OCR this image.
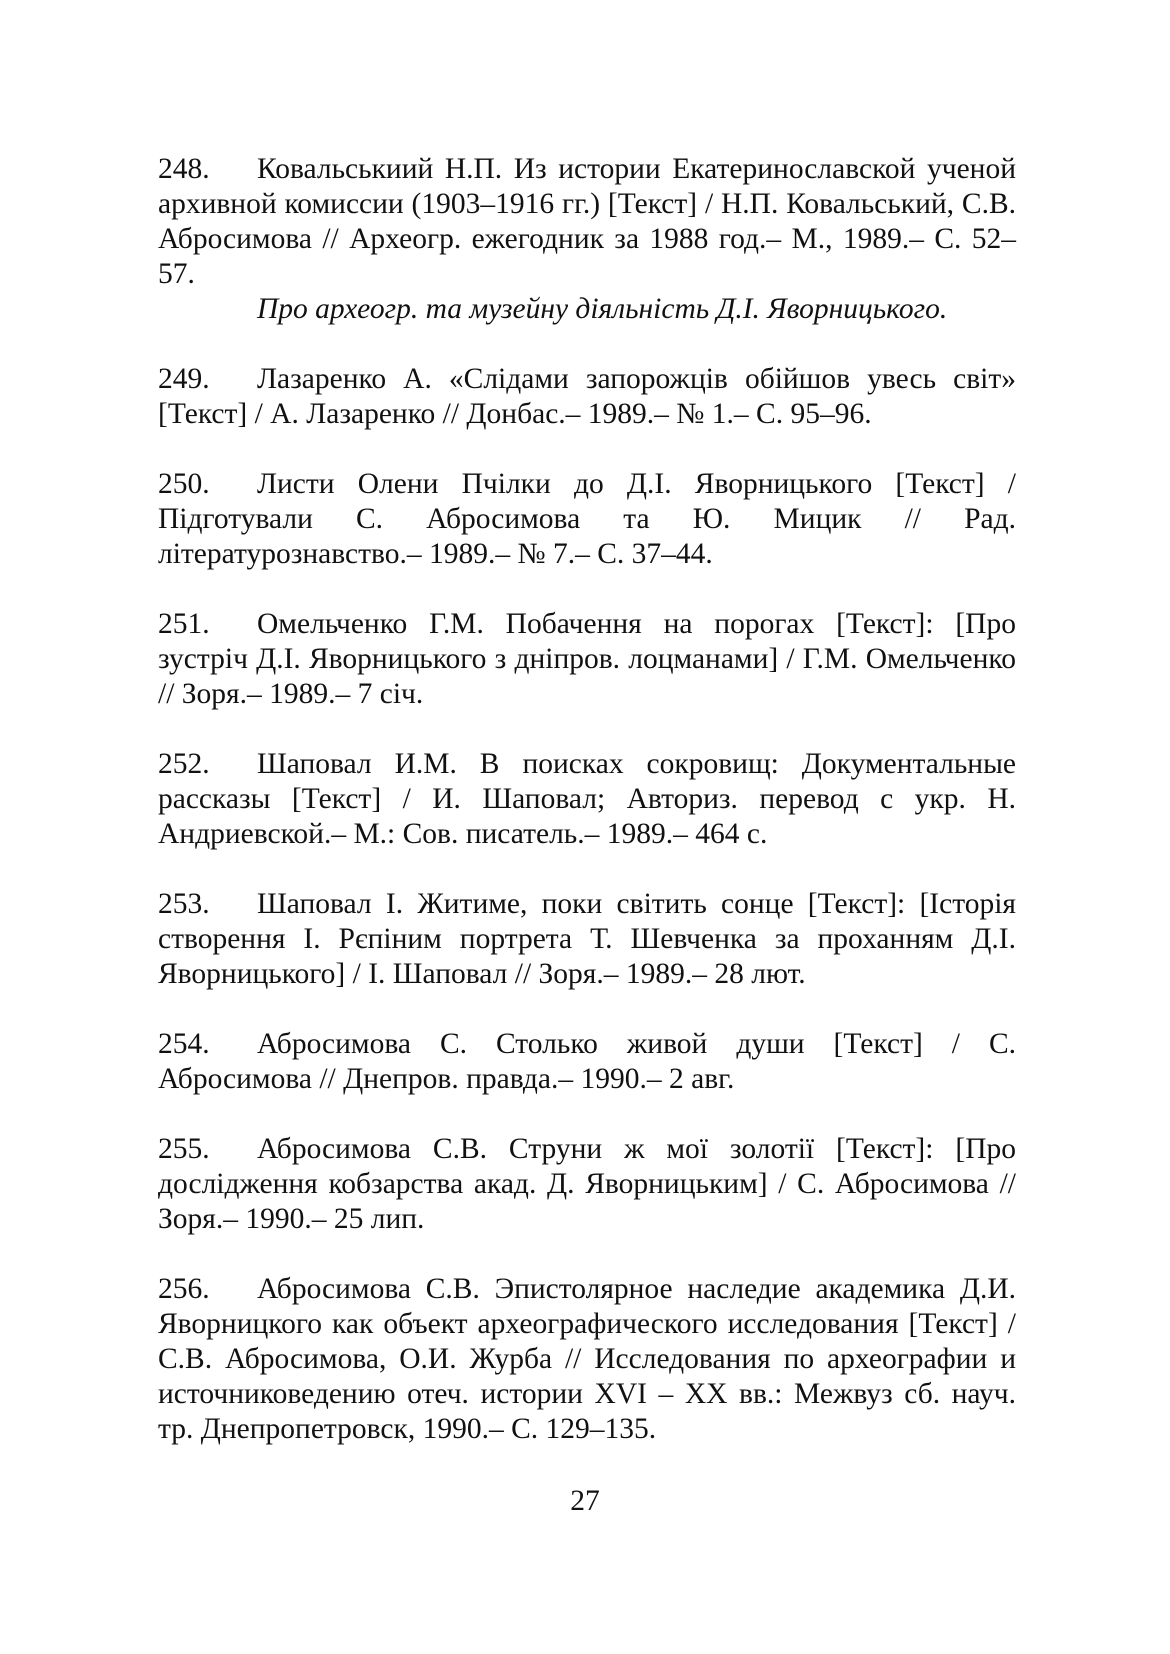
248. Ковальськиий Н.П. Из истории Екатеринославской ученой архивной комиссии (1903–1916 гг.) [Текст] / Н.П. Ковальський, С.В. Абросимова // Археогр. ежегодник за 1988 год.– М., 1989.– С. 52–57.

Про археогр. та музейну діяльність Д.І. Яворницького.

249. Лазаренко А. «Слідами запорожців обійшов увесь світ» [Текст] / А. Лазаренко // Донбас.– 1989.– № 1.– С. 95–96.

250. Листи Олени Пчілки до Д.І. Яворницького [Текст] / Підготували С. Абросимова та Ю. Мицик // Рад. літературознавство.– 1989.– № 7.– С. 37–44.

251. Омельченко Г.М. Побачення на порогах [Текст]: [Про зустріч Д.І. Яворницького з дніпров. лоцманами] / Г.М. Омельченко // Зоря.– 1989.– 7 січ.

252. Шаповал И.М. В поисках сокровищ: Документальные рассказы [Текст] / И. Шаповал; Авториз. перевод с укр. Н. Андриевской.– М.: Сов. писатель.– 1989.– 464 с.

253. Шаповал І. Житиме, поки світить сонце [Текст]: [Історія створення І. Рєпіним портрета Т. Шевченка за проханням Д.І. Яворницького] / І. Шаповал // Зоря.– 1989.– 28 лют.

254. Абросимова С. Столько живой души [Текст] / С. Абросимова // Днепров. правда.– 1990.– 2 авг.

255. Абросимова С.В. Струни ж мої золотії [Текст]: [Про дослідження кобзарства акад. Д. Яворницьким] / С. Абросимова // Зоря.– 1990.– 25 лип.

256. Абросимова С.В. Эпистолярное наследие академика Д.И. Яворницкого как объект археографического исследования [Текст] / С.В. Абросимова, О.И. Журба // Исследования по археографии и источниковедению отеч. истории XVI – XX вв.: Межвуз сб. науч. тр. Днепропетровск, 1990.– С. 129–135.

27
